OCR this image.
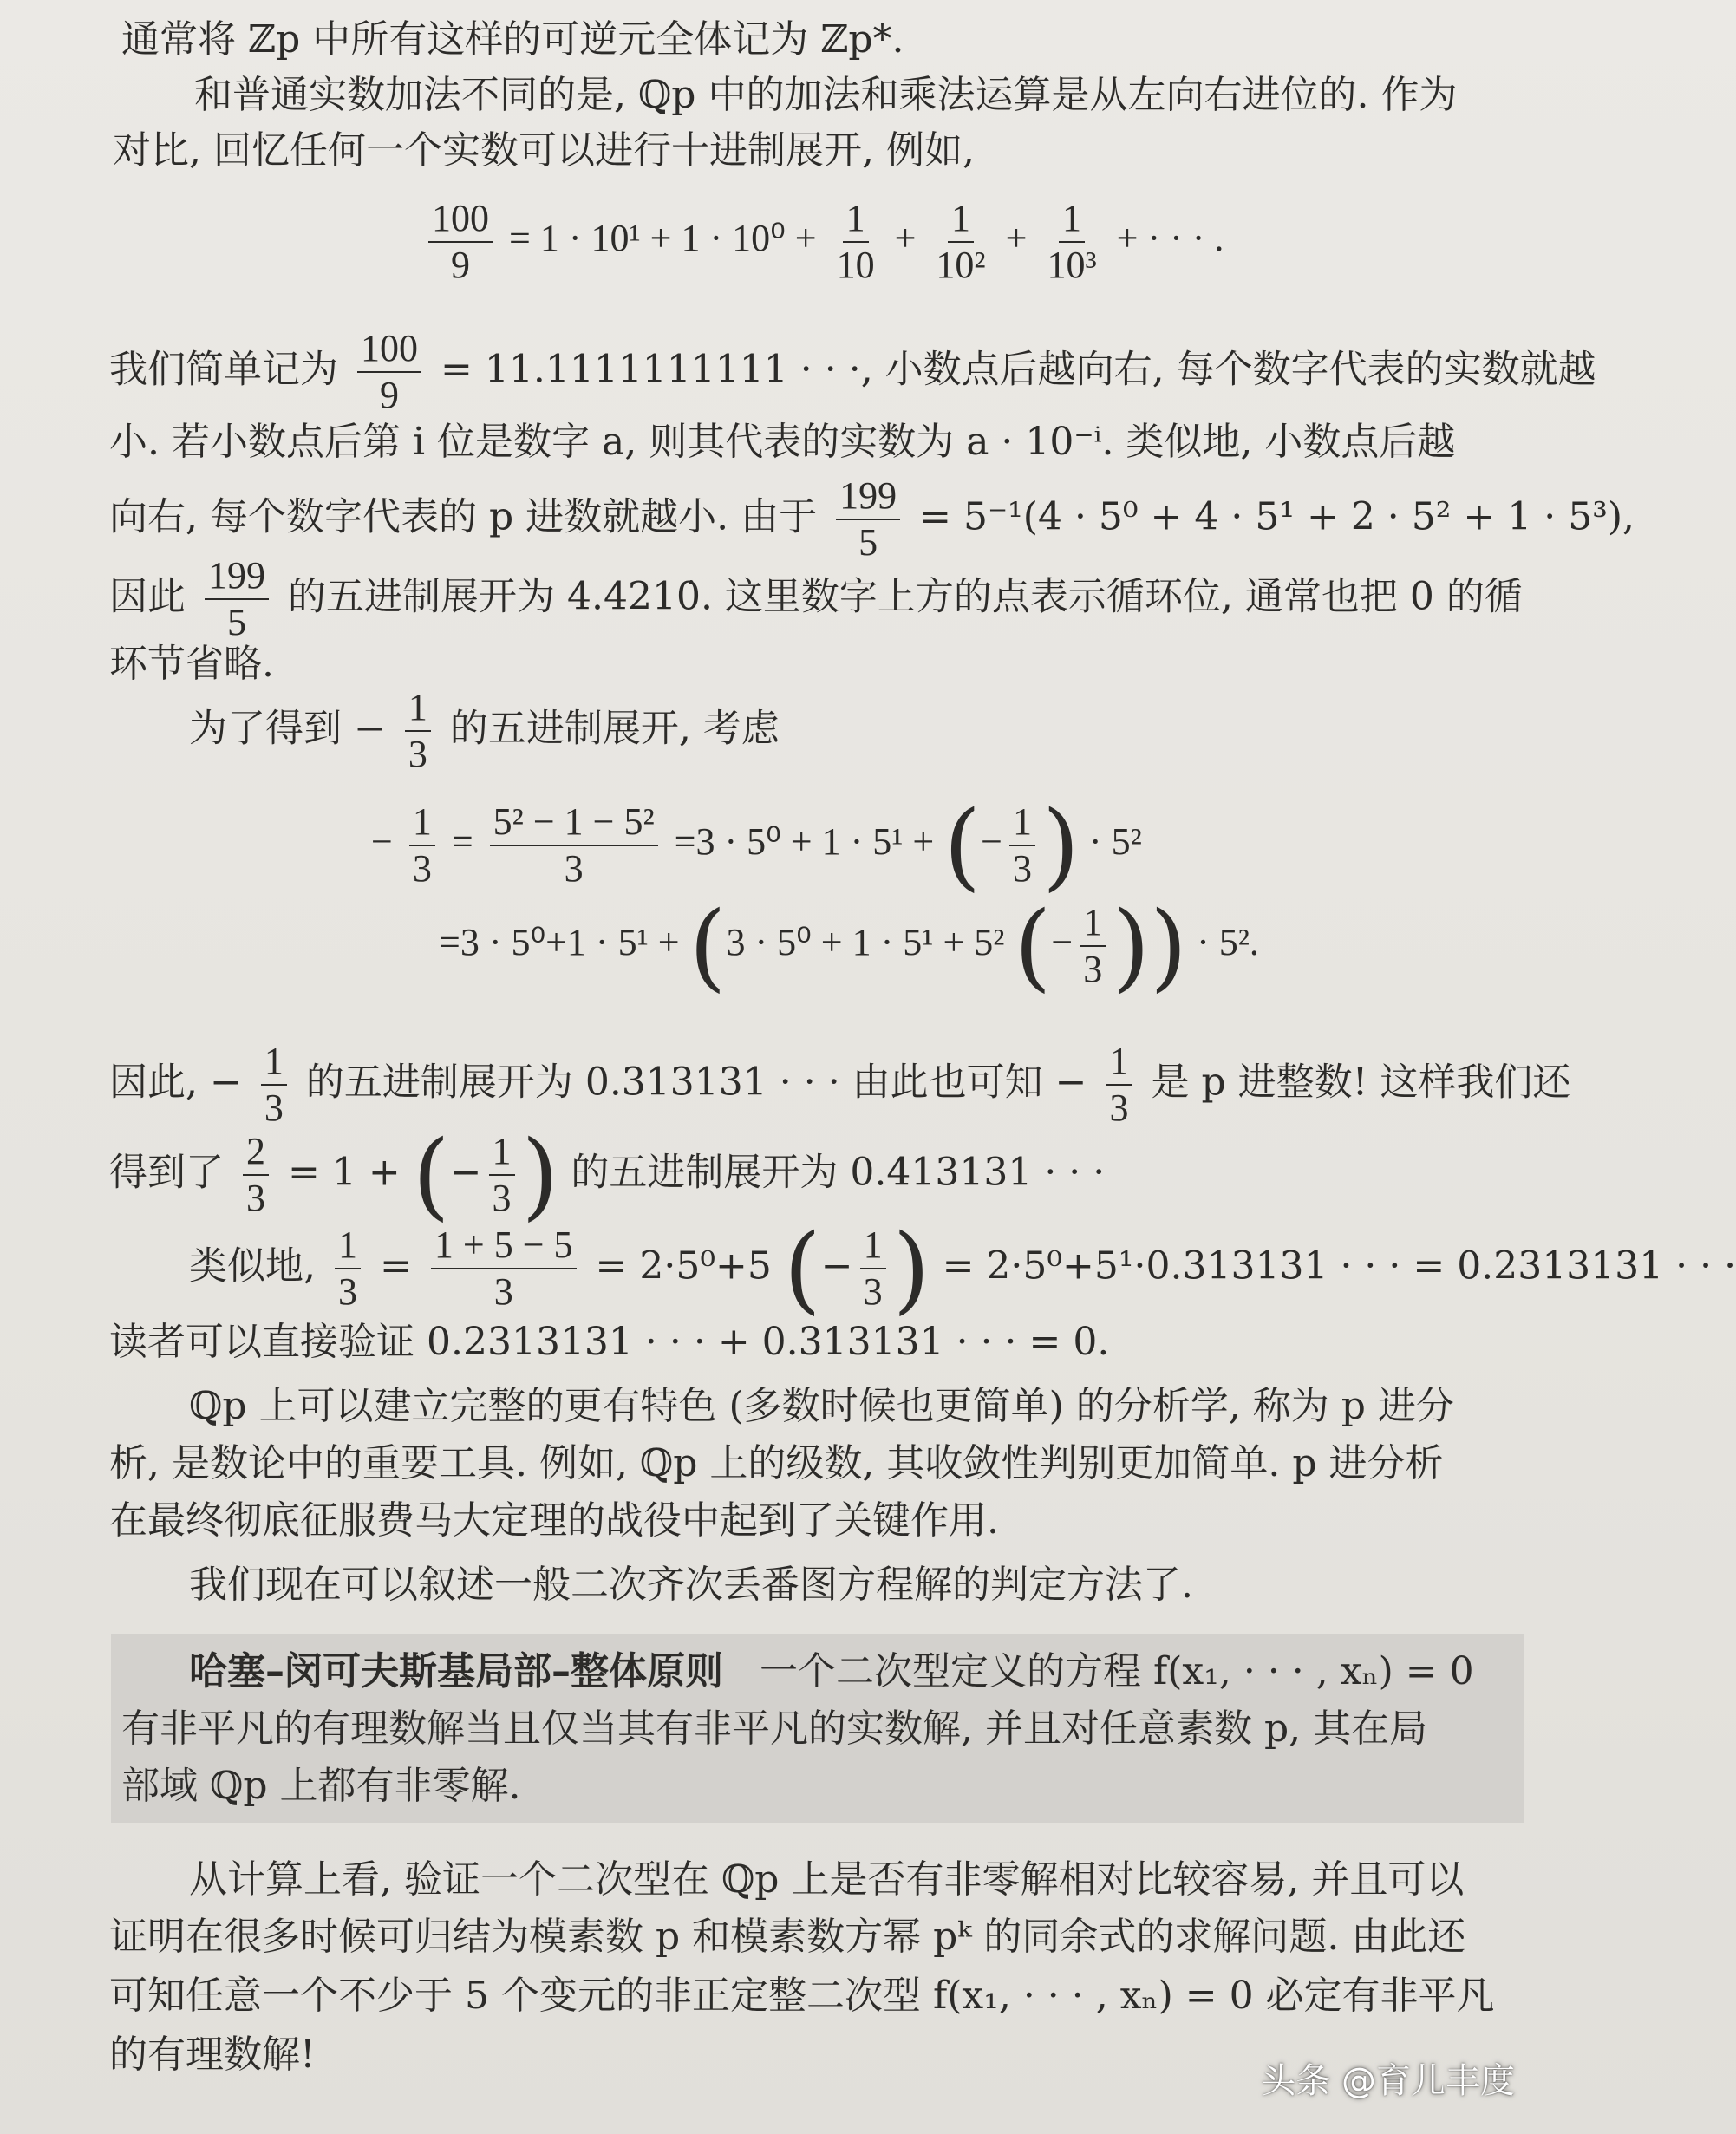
通常将 ℤp 中所有这样的可逆元全体记为 ℤp*.
和普通实数加法不同的是, ℚp 中的加法和乘法运算是从左向右进位的. 作为
对比, 回忆任何一个实数可以进行十进制展开, 例如,
$\frac{100}{9} = 1 \cdot 10^1 + 1 \cdot 10^0 + \frac{1}{10} + \frac{1}{\text{10²}} + \frac{1}{\text{10³}}$ + · · · .
我们简单记为 $\frac{100}{9} = 11.1111111111$ · · ·, 小数点后越向右, 每个数字代表的实数就越
小. 若小数点后第 i 位是数字 a, 则其代表的实数为 a · 10⁻ⁱ. 类似地, 小数点后越
向右, 每个数字代表的 p 进数就越小. 由于 $\frac{199}{5} = 5^{-1}(4 \cdot 5^0 + 4 \cdot 5^1 + 2 \cdot 5^2 + 1 \cdot 5^3)$,
因此 $\frac{199}{5}$ 的五进制展开为 4.4210̇. 这里数字上方的点表示循环位, 通常也把 0 的循
环节省略.
为了得到 − $\frac{1}{3}$ 的五进制展开, 考虑
− $\frac{1}{3} = \frac{\text{5² − 1 − 5²}}{3} =3 \cdot 5^0 + 1 \cdot 5^1$ + (− $\frac{1}{3}$ ) · 5²
=3 · 5⁰+1 · 5¹ + (3 · 5⁰ + 1 · 5¹ + 5² (− $\frac{1}{3}$ )) · 5².
因此, − $\frac{1}{3}$ 的五进制展开为 0.313131 · · · 由此也可知 − $\frac{1}{3}$ 是 p 进整数! 这样我们还
得到了 $\frac{2}{3} = 1$ + (− $\frac{1}{3}$ ) 的五进制展开为 0.413131 · · ·
类似地, $\frac{1}{3} = \frac{1 + 5 - 5}{3} = 2\cdot 5^0+5$ (− $\frac{1}{3}$ ) = 2·5⁰+5¹·0.313131 · · · = 0.2313131 · · ·
读者可以直接验证 0.2313131 · · · + 0.313131 · · · = 0.
ℚp 上可以建立完整的更有特色 (多数时候也更简单) 的分析学, 称为 p 进分
析, 是数论中的重要工具. 例如, ℚp 上的级数, 其收敛性判别更加简单. p 进分析
在最终彻底征服费马大定理的战役中起到了关键作用.
我们现在可以叙述一般二次齐次丢番图方程解的判定方法了.
哈塞–闵可夫斯基局部–整体原则 一个二次型定义的方程 f(x₁, · · · , xₙ) = 0
有非平凡的有理数解当且仅当其有非平凡的实数解, 并且对任意素数 p, 其在局
部域 ℚp 上都有非零解.
从计算上看, 验证一个二次型在 ℚp 上是否有非零解相对比较容易, 并且可以
证明在很多时候可归结为模素数 p 和模素数方幂 pᵏ 的同余式的求解问题. 由此还
可知任意一个不少于 5 个变元的非正定整二次型 f(x₁, · · · , xₙ) = 0 必定有非平凡
的有理数解!
头条 @育儿丰度
